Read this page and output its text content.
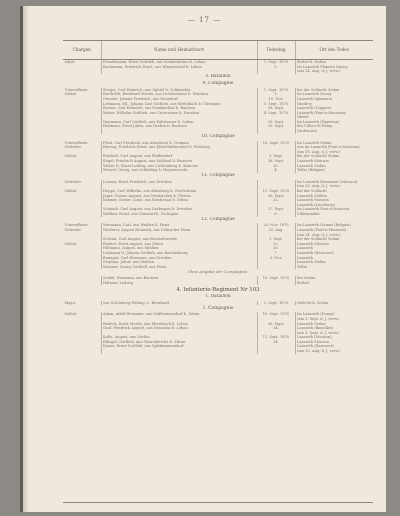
— 17 —
Chargen	Name und Heimathsort	Todestag	Ort des Todes
Adjut.	Freudemann, Ernst Gottlieb, aus Sonnenbrunn b. Lobau	1. Sept. 1870	Bethel b. Sedan
	Bachmann, Friedrich Ernst, aus Wiegersdorf b. Lobau	5.	Im Lazareth Planeau Nancy
			(am 24. Aug. d. J. verw.)
3. Bataillon			
9. Compagnie			
Unteroffizier	Zeeger, Carl Heinrich, aus Spittel b. Schkeuditz	1. Sept. 1870	bei der Schlacht Sedan
Soldat	Bertholdt, Bernhard Moritz, aus Lichtentanne b. Zwickau	1.	Im Lazareth Douzy
	Geissler, Johann Friedrich, aus Naundorf	10. Nov.	Lazareth Spinnerei
	Lehmann, Ed., Johann Carl Gottlieb, aus Mittelbach b. Chemnitz	5. Sept. 1870	Vaudrey
	Rosner, Carl Heinrich, aus Frankenthal b. Bautzen	18. Sept.	Lazareth (Cuppen)
	Weber, Wilhelm Gottlieb, aus Unterwiese b. Dresden	4. Sept. 1870	Lazareth (Pont-à-Mousson)
			(Brief)
	Naumann, Carl Gottlieb, aus Kaltwasser b. Lobau	18. Sept.	Im Lazareth (Paprieux)
	Hofmann, Ernst Julius, aus Drehsa b. Bautzen	20. Sept.	Bei Villers-St-Remy
			(Ardennes)
10. Compagnie			
Unteroffizier	Flick, Carl Friedrich, aus Altenbach b. Grimma	18. Sept. 1870	Im Lazareth Sedan
Gefreiter	Herzog, Friedrich Ernst, aus Klein-Waltersdorf b. Freiberg		Aus im Lazareth (Pont-à-Mousson)
			(am 18. Aug. d. J. verw.)
Soldat	Reichelt, Carl August, aus Pfaffendorf	1. Sept.	bei der Schlacht Sedan
	Engel, Friedrich August, aus Sohland b. Bautzen	26. Sept.	Lazareth Mouzon
	Weber II, Ernst Ludwig, aus Lichtenberg b. Kamenz	30.	Lazareth Sedan
	Wenzel, Georg, aus Schleifing b. Hoyerswerda	4.	Tellin (Belgien)
11. Compagnie			
Gefreiter	Leisner, Ernst Friedrich, aus Dresden		Im Lazareth Beaumont (Mouzon)
			(am 30. Aug. d. J. verw.)
Soldat	Hoppe, Carl Wilhelm, aus Altenberg b. Großenhain	11. Sept. 1870	bei der Schlacht
	Jäger, Gustav August, aus Neukirchen b. Pleissa	26. Sept.	Lazareth Zellers
	Kramer, Gustav Louis, aus Reichenau b. Zittau	22.	Lazareth Mouzon
			Lazareth (Lüneburg)
	Schmidt, Carl August, aus Laubegast b. Dresden	27. Sept.	Im Lazareth Pont-à-Mousson
	Walther, Ernst, aus Gersdorf b. Zschopau	6.	Villemomble
12. Compagnie			
Unteroffizier	Neumann, Carl, aus Wehlen b. Pirna	20. Nov. 1870	Im Lazareth Namur (Belgien)
Gefreiter	Niederer, August Heinrich, aus Dohna bei Pirna	20. Aug.	Lazareth (Pont-à-Mousson)
			(am 24. Aug. d. J. verw.)
	Schenk, Carl August, aus Bischofswerda	1. Sept.	bei der Schlacht Sedan
Soldat	Richter, Ernst August, aus Zittau	22.	Lazareth Mouzon
	Hillmann, August, aus Meißen	26.	Lazareth
	Lohmann II, Johann Gottlieb, aus Reichenberg	7.	Lazareth (Raucourt)
	Reiniger, Carl Hermann, aus Dresden	3. Nov.	Lazareth
	Stephan, Julius, aus Meißen		Lazareth Sedan
	Wiesner, Georg Gotthelf, aus Pirna		Tellin
Ohne Angabe der Compagnie:			
	Seidel, Hermann, aus Bautzen	10. Sept. 1870	Bei Sedan
	Hölzner, Ludwig		Bethel
4. Infanterie-Regiment Nr 103			
1. Bataillon			
Major	von Schönberg-Pötting, L. Bernhard	1. Sept. 1870	Gefecht b. Sedan
1. Compagnie			
Soldat	Adam, Adolf Hermann, aus Seifhennersdorf b. Zittau	16. Sept. 1870	Im Lazareth (Douzy)
			(am 1. Sept. d. J. verw.)
	Bieleck, Ernst Moritz, aus Ebersbach b. Löbau	26. Sept.	Lazareth Sedan
	Graf, Friedrich August, aus Neusalza b. Löbau	24.	Lazareth (Bazeilles)
			(am 1. Sept. d. J. verw.)
	Kalle, August, aus Görlitz	11. Sept. 1870	Lazareth (Mouzon)
	Elbogel, Gottlieb, aus Oberoderwitz b. Zittau	24.	Lazareth Mouzon
	Kunze, Ernst Gottlieb, aus Spitzkunnersdorf		Lazareth (Raucourt)
			(am 30. Aug. d. J. verw.)
